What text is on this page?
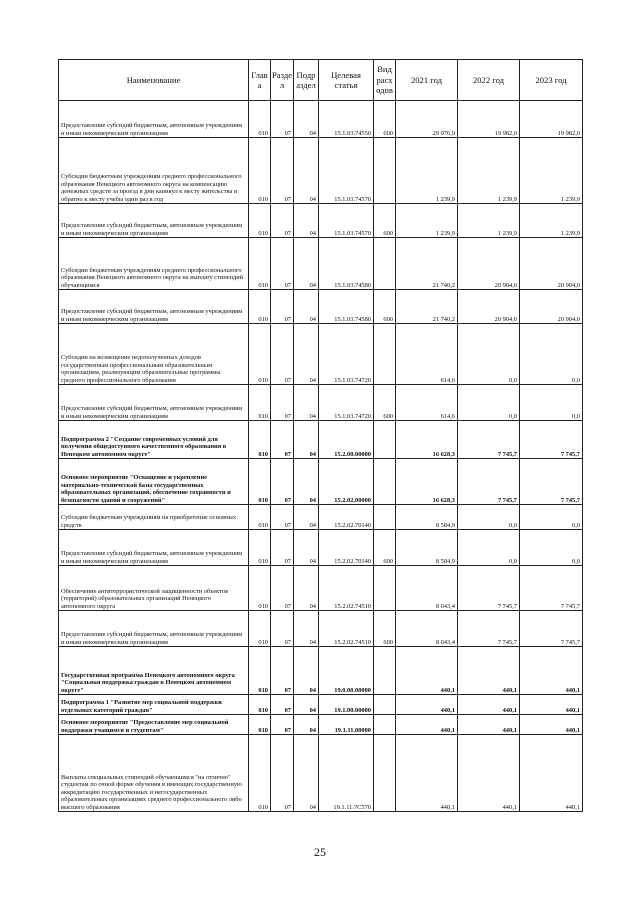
Наименование	Глав а	Разде л	Подр аздел	Целевая статья	Вид расх одов	2021 год	2022 год	2023 год
Предоставление субсидий бюджетным, автономным учреждениям и иным некоммерческим организациям	010	07	04	15.1.03.74550	600	29 976,9	19 982,0	19 982,0
Субсидии бюджетным учреждениям среднего профессионального образования Ненецкого автономного округа на компенсацию денежных средств за проезд в дни каникул к месту жительства и обратно к месту учебы один раз в год	010	07	04	15.1.03.74570		1 239,9	1 239,9	1 239,9
Предоставление субсидий бюджетным, автономным учреждениям и иным некоммерческим организациям	010	07	04	15.1.03.74570	600	1 239,9	1 239,9	1 239,9
Субсидии бюджетным учреждениям среднего профессионального образования Ненецкого автономного округа на выплату стипендий обучающимся	010	07	04	15.1.03.74580		21 740,2	20 904,0	20 904,0
Предоставление субсидий бюджетным, автономным учреждениям и иным некоммерческим организациям	010	07	04	15.1.03.74580	600	21 740,2	20 904,0	20 904,0
Субсидии на возмещение недополученных доходов государственным профессиональным образовательным организациям, реализующим образовательные программы среднего профессионального образования	010	07	04	15.1.03.74720		614,6	0,0	0,0
Предоставление субсидий бюджетным, автономным учреждениям и иным некоммерческим организациям	010	07	04	15.1.03.74720	600	614,6	0,0	0,0
Подпрограмма 2 "Создание современных условий для получения общедоступного качественного образования в Ненецком автономном округе"	010	07	04	15.2.00.00000		16 628,3	7 745,7	7 745,7
Основное мероприятие "Оснащение и укрепление материально-технической базы государственных образовательных организаций, обеспечение сохранности и безопасности зданий и сооружений"	010	07	04	15.2.02.00000		16 628,3	7 745,7	7 745,7
Субсидии бюджетным учреждениям на приобретение основных средств	010	07	04	15.2.02.70140		8 584,9	0,0	0,0
Предоставление субсидий бюджетным, автономным учреждениям и иным некоммерческим организациям	010	07	04	15.2.02.70140	600	8 584,9	0,0	0,0
Обеспечение антитеррористической защищенности объектов (территорий) образовательных организаций Ненецкого автономного округа	010	07	04	15.2.02.74510		8 043,4	7 745,7	7 745,7
Предоставление субсидий бюджетным, автономным учреждениям и иным некоммерческим организациям	010	07	04	15.2.02.74510	600	8 043,4	7 745,7	7 745,7
Государственная программа Ненецкого автономного округа "Социальная поддержка граждан в Ненецком автономном округе"	010	07	04	19.0.00.00000		440,1	440,1	440,1
Подпрограмма 1 "Развитие мер социальной поддержки отдельных категорий граждан"	010	07	04	19.1.00.00000		440,1	440,1	440,1
Основное мероприятие "Предоставление мер социальной поддержки учащимся и студентам"	010	07	04	19.1.11.00000		440,1	440,1	440,1
Выплаты специальных стипендий обучающимся "на отлично" студентам по очной форме обучения в имеющих государственную аккредитацию государственных и негосударственных образовательных организациях среднего профессионального либо высшего образования	010	07	04	19.1.11.7С570		440,1	440,1	440,1
25
